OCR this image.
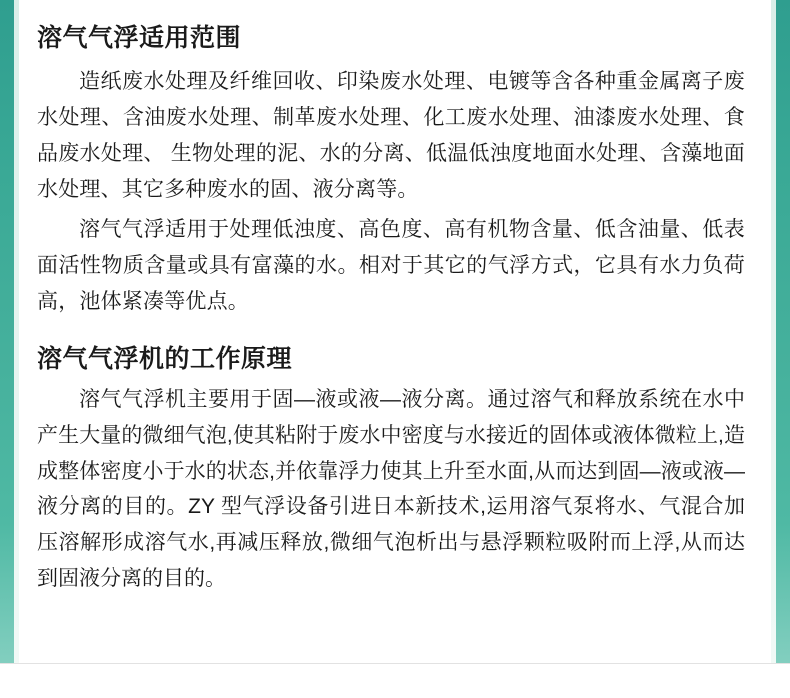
溶气气浮适用范围

造纸废水处理及纤维回收、印染废水处理、电镀等含各种重金属离子废水处理、含油废水处理、制革废水处理、化工废水处理、油漆废水处理、食品废水处理、 生物处理的泥、水的分离、低温低浊度地面水处理、含藻地面水处理、其它多种废水的固、液分离等。

溶气气浮适用于处理低浊度、高色度、高有机物含量、低含油量、低表面活性物质含量或具有富藻的水。相对于其它的气浮方式，它具有水力负荷高，池体紧凑等优点。

溶气气浮机的工作原理

溶气气浮机主要用于固—液或液—液分离。通过溶气和释放系统在水中产生大量的微细气泡,使其粘附于废水中密度与水接近的固体或液体微粒上,造成整体密度小于水的状态,并依靠浮力使其上升至水面,从而达到固—液或液—液分离的目的。ZY 型气浮设备引进日本新技术,运用溶气泵将水、气混合加压溶解形成溶气水,再减压释放,微细气泡析出与悬浮颗粒吸附而上浮,从而达到固液分离的目的。
